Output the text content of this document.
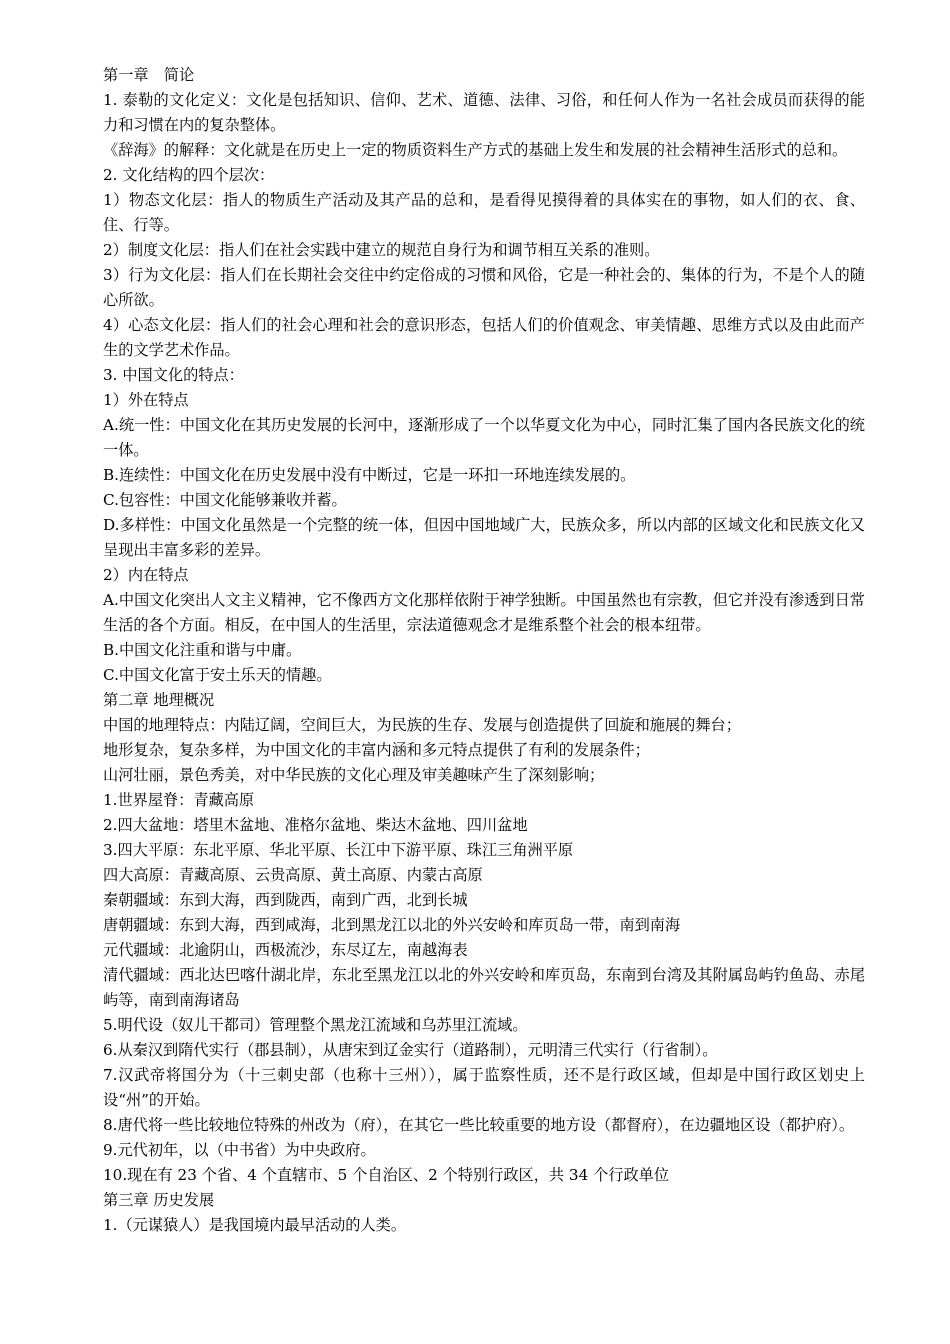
第一章　简论

1. 泰勒的文化定义：文化是包括知识、信仰、艺术、道德、法律、习俗，和任何人作为一名社会成员而获得的能力和习惯在内的复杂整体。

《辞海》的解释：文化就是在历史上一定的物质资料生产方式的基础上发生和发展的社会精神生活形式的总和。

2. 文化结构的四个层次：

1）物态文化层：指人的物质生产活动及其产品的总和，是看得见摸得着的具体实在的事物，如人们的衣、食、住、行等。

2）制度文化层：指人们在社会实践中建立的规范自身行为和调节相互关系的准则。

3）行为文化层：指人们在长期社会交往中约定俗成的习惯和风俗，它是一种社会的、集体的行为，不是个人的随心所欲。

4）心态文化层：指人们的社会心理和社会的意识形态，包括人们的价值观念、审美情趣、思维方式以及由此而产生的文学艺术作品。

3. 中国文化的特点：

1）外在特点

A.统一性：中国文化在其历史发展的长河中，逐渐形成了一个以华夏文化为中心，同时汇集了国内各民族文化的统一体。

B.连续性：中国文化在历史发展中没有中断过，它是一环扣一环地连续发展的。

C.包容性：中国文化能够兼收并蓄。

D.多样性：中国文化虽然是一个完整的统一体，但因中国地域广大，民族众多，所以内部的区域文化和民族文化又呈现出丰富多彩的差异。

2）内在特点

A.中国文化突出人文主义精神，它不像西方文化那样依附于神学独断。中国虽然也有宗教，但它并没有渗透到日常生活的各个方面。相反，在中国人的生活里，宗法道德观念才是维系整个社会的根本纽带。

B.中国文化注重和谐与中庸。

C.中国文化富于安土乐天的情趣。

第二章 地理概况

中国的地理特点：内陆辽阔，空间巨大，为民族的生存、发展与创造提供了回旋和施展的舞台；

地形复杂，复杂多样，为中国文化的丰富内涵和多元特点提供了有利的发展条件；

山河壮丽，景色秀美，对中华民族的文化心理及审美趣味产生了深刻影响；

1.世界屋脊：青藏高原

2.四大盆地：塔里木盆地、准格尔盆地、柴达木盆地、四川盆地

3.四大平原：东北平原、华北平原、长江中下游平原、珠江三角洲平原

四大高原：青藏高原、云贵高原、黄土高原、内蒙古高原

秦朝疆域：东到大海，西到陇西，南到广西，北到长城

唐朝疆域：东到大海，西到咸海，北到黑龙江以北的外兴安岭和库页岛一带，南到南海

元代疆域：北逾阴山，西极流沙，东尽辽左，南越海表

清代疆域：西北达巴喀什湖北岸，东北至黑龙江以北的外兴安岭和库页岛，东南到台湾及其附属岛屿钓鱼岛、赤尾屿等，南到南海诸岛

5.明代设（奴儿干都司）管理整个黑龙江流域和乌苏里江流域。

6.从秦汉到隋代实行（郡县制），从唐宋到辽金实行（道路制），元明清三代实行（行省制）。

7.汉武帝将国分为（十三刺史部（也称十三州）），属于监察性质，还不是行政区域，但却是中国行政区划史上设“州”的开始。

8.唐代将一些比较地位特殊的州改为（府），在其它一些比较重要的地方设（都督府），在边疆地区设（都护府）。

9.元代初年，以（中书省）为中央政府。

10.现在有 23 个省、4 个直辖市、5 个自治区、2 个特别行政区，共 34 个行政单位

第三章 历史发展

1.（元谋猿人）是我国境内最早活动的人类。
